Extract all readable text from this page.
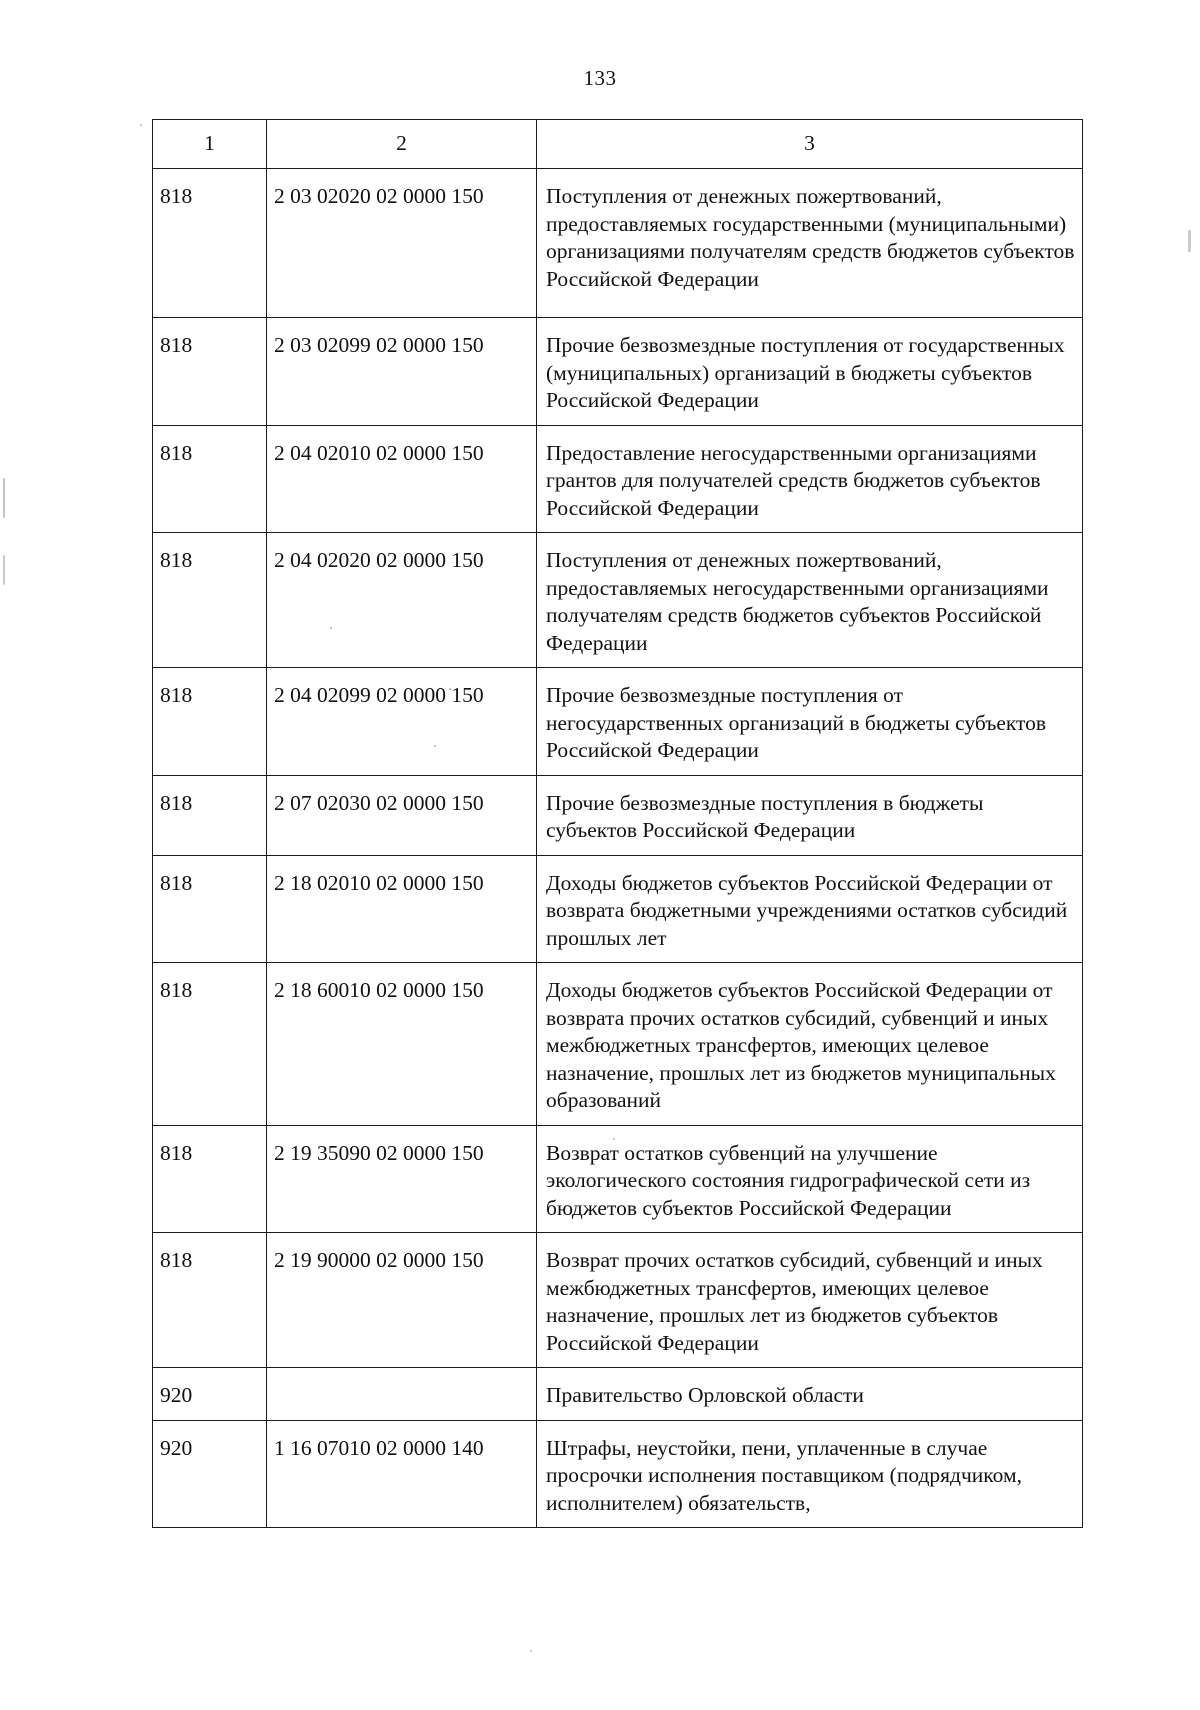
133
1	2	3
818	2 03 02020 02 0000 150	Поступления от денежных пожертвований, предоставляемых государственными (муниципальными) организациями получателям средств бюджетов субъектов Российской Федерации
818	2 03 02099 02 0000 150	Прочие безвозмездные поступления от государственных (муниципальных) организаций в бюджеты субъектов Российской Федерации
818	2 04 02010 02 0000 150	Предоставление негосударственными организациями грантов для получателей средств бюджетов субъектов Российской Федерации
818	2 04 02020 02 0000 150	Поступления от денежных пожертвований, предоставляемых негосударственными организациями получателям средств бюджетов субъектов Российской Федерации
818	2 04 02099 02 0000 150	Прочие безвозмездные поступления от негосударственных организаций в бюджеты субъектов Российской Федерации
818	2 07 02030 02 0000 150	Прочие безвозмездные поступления в бюджеты субъектов Российской Федерации
818	2 18 02010 02 0000 150	Доходы бюджетов субъектов Российской Федерации от возврата бюджетными учреждениями остатков субсидий прошлых лет
818	2 18 60010 02 0000 150	Доходы бюджетов субъектов Российской Федерации от возврата прочих остатков субсидий, субвенций и иных межбюджетных трансфертов, имеющих целевое назначение, прошлых лет из бюджетов муниципальных образований
818	2 19 35090 02 0000 150	Возврат остатков субвенций на улучшение экологического состояния гидрографической сети из бюджетов субъектов Российской Федерации
818	2 19 90000 02 0000 150	Возврат прочих остатков субсидий, субвенций и иных межбюджетных трансфертов, имеющих целевое назначение, прошлых лет из бюджетов субъектов Российской Федерации
920		Правительство Орловской области
920	1 16 07010 02 0000 140	Штрафы, неустойки, пени, уплаченные в случае просрочки исполнения поставщиком (подрядчиком, исполнителем) обязательств,
